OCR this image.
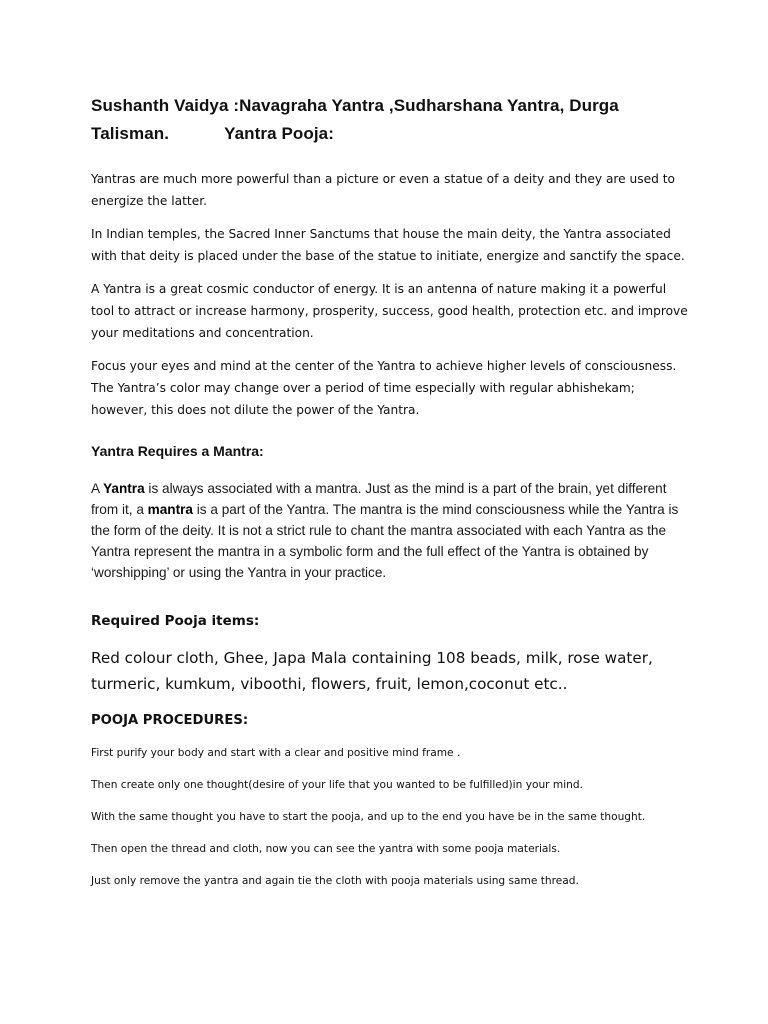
Sushanth Vaidya :Navagraha Yantra ,Sudharshana Yantra, Durga
Talisman.	Yantra Pooja:

Yantras are much more powerful than a picture or even a statue of a deity and they are used to energize the latter.

In Indian temples, the Sacred Inner Sanctums that house the main deity, the Yantra associated with that deity is placed under the base of the statue to initiate, energize and sanctify the space.

A Yantra is a great cosmic conductor of energy. It is an antenna of nature making it a powerful tool to attract or increase harmony, prosperity, success, good health, protection etc. and improve your meditations and concentration.

Focus your eyes and mind at the center of the Yantra to achieve higher levels of consciousness. The Yantra’s color may change over a period of time especially with regular abhishekam; however, this does not dilute the power of the Yantra.

Yantra Requires a Mantra:

A Yantra is always associated with a mantra. Just as the mind is a part of the brain, yet different from it, a mantra is a part of the Yantra. The mantra is the mind consciousness while the Yantra is the form of the deity. It is not a strict rule to chant the mantra associated with each Yantra as the Yantra represent the mantra in a symbolic form and the full effect of the Yantra is obtained by ‘worshipping’ or using the Yantra in your practice.

Required Pooja items:

Red colour cloth, Ghee, Japa Mala containing 108 beads, milk, rose water, turmeric, kumkum, viboothi, flowers, fruit, lemon,coconut etc..

POOJA PROCEDURES:

First purify your body and start with a clear and positive mind frame .

Then create only one thought(desire of your life that you wanted to be fulfilled)in your mind.

With the same thought you have to start the pooja, and up to the end you have be in the same thought.

Then open the thread and cloth, now you can see the yantra with some pooja materials.

Just only remove the yantra and again tie the cloth with pooja materials using same thread.
